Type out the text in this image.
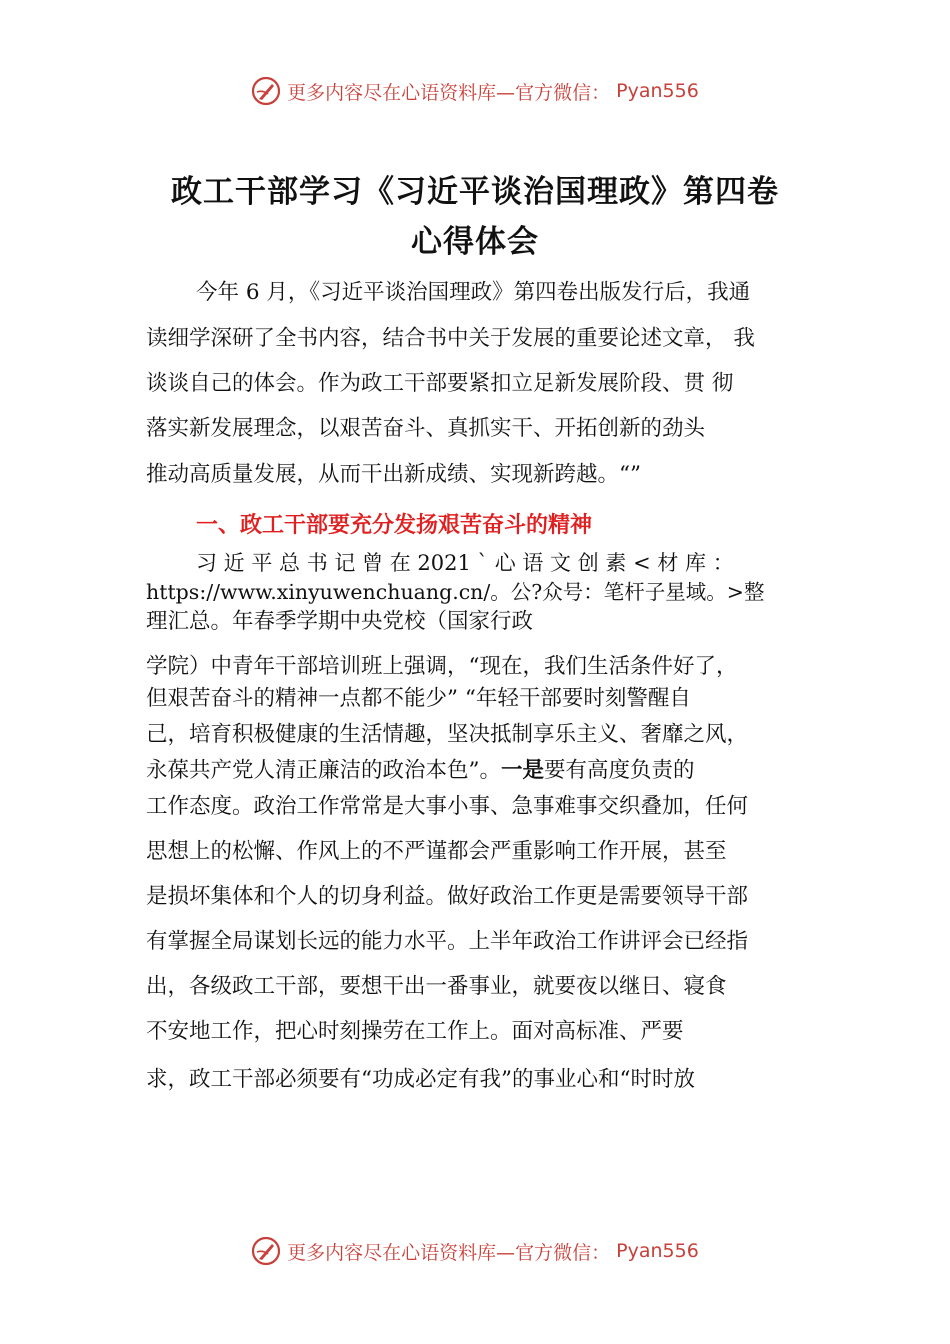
更多内容尽在心语资料库—官方微信： Pyan556
政工干部学习《习近平谈治国理政》第四卷
心得体会
今年 6 月，《习近平谈治国理政》第四卷出版发行后，我通
读细学深研了全书内容，结合书中关于发展的重要论述文章， 我
谈谈自己的体会。作为政工干部要紧扣立足新发展阶段、贯 彻
落实新发展理念，以艰苦奋斗、真抓实干、开拓创新的劲头
推动高质量发展，从而干出新成绩、实现新跨越。“”
一、政工干部要充分发扬艰苦奋斗的精神
习 近 平 总 书 记 曾 在 2021 ` 心 语 文 创 素 < 材 库 ：
https://www.xinyuwenchuang.cn/。公?众号：笔杆子星域。>整
理汇总。年春季学期中央党校（国家行政
学院）中青年干部培训班上强调，“现在，我们生活条件好了，
但艰苦奋斗的精神一点都不能少” “年轻干部要时刻警醒自
己，培育积极健康的生活情趣，坚决抵制享乐主义、奢靡之风，
永葆共产党人清正廉洁的政治本色”。一是要有高度负责的
工作态度。政治工作常常是大事小事、急事难事交织叠加，任何
思想上的松懈、作风上的不严谨都会严重影响工作开展，甚至
是损坏集体和个人的切身利益。做好政治工作更是需要领导干部
有掌握全局谋划长远的能力水平。上半年政治工作讲评会已经指
出，各级政工干部，要想干出一番事业，就要夜以继日、寝食
不安地工作，把心时刻操劳在工作上。面对高标准、严要
求，政工干部必须要有“功成必定有我”的事业心和“时时放
更多内容尽在心语资料库—官方微信： Pyan556
